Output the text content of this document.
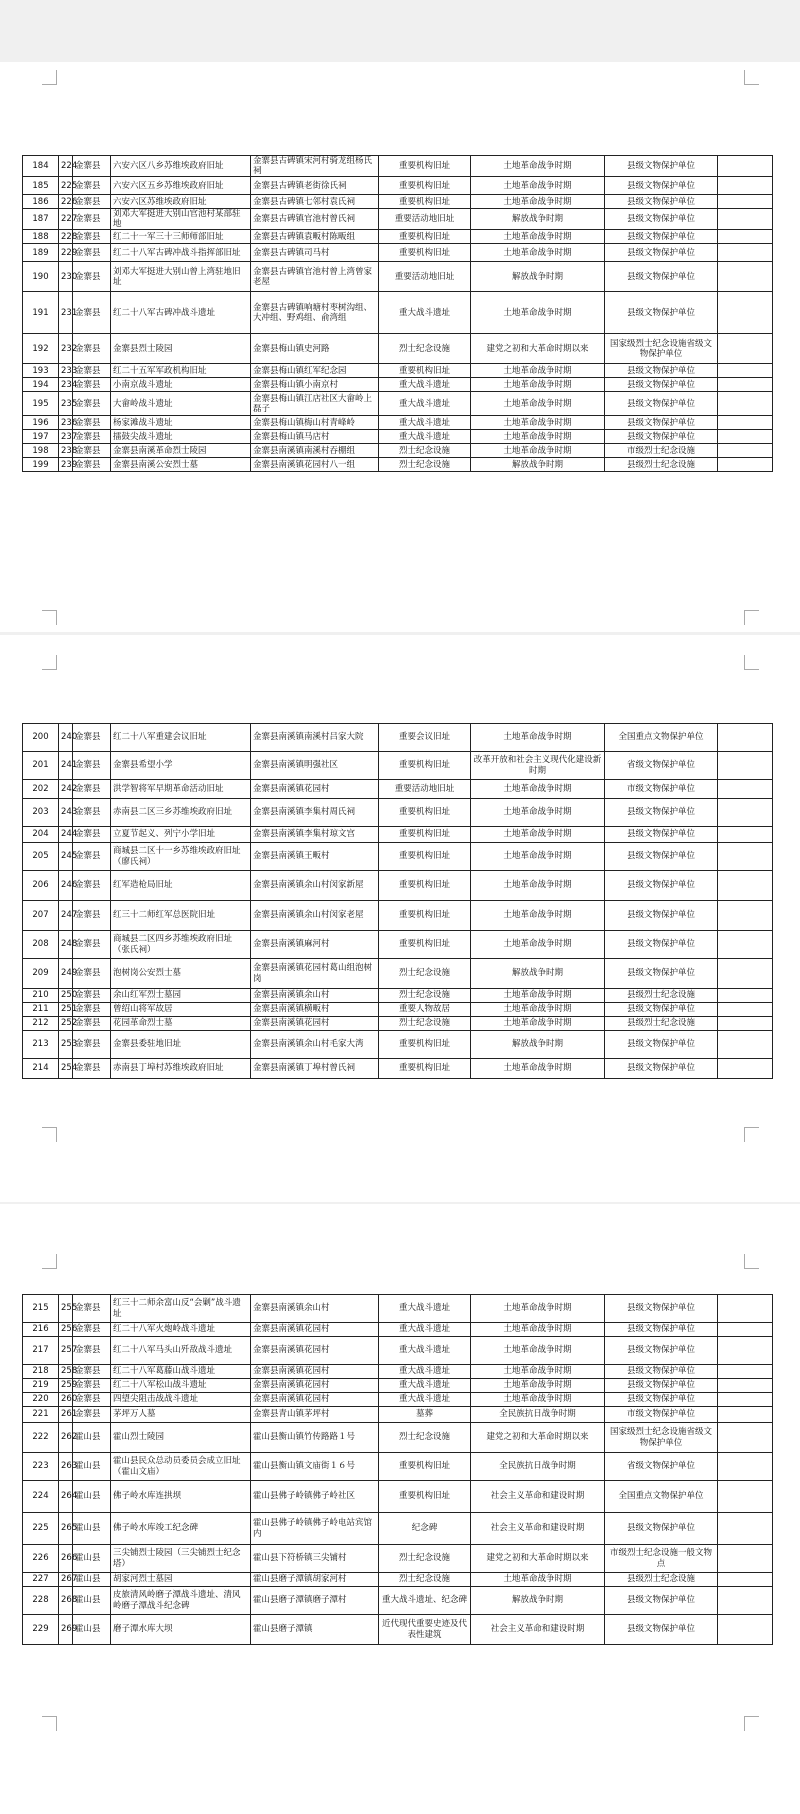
184	224	金寨县	六安六区八乡苏维埃政府旧址	金寨县古碑镇宋河村骑龙组杨氏祠	重要机构旧址	土地革命战争时期	县级文物保护单位	
185	225	金寨县	六安六区五乡苏维埃政府旧址	金寨县古碑镇老街徐氏祠	重要机构旧址	土地革命战争时期	县级文物保护单位	
186	226	金寨县	六安六区苏维埃政府旧址	金寨县古碑镇七邻村袁氏祠	重要机构旧址	土地革命战争时期	县级文物保护单位	
187	227	金寨县	刘邓大军挺进大别山官池村某部驻地	金寨县古碑镇官池村曾氏祠	重要活动地旧址	解放战争时期	县级文物保护单位	
188	228	金寨县	红二十一军三十三师师部旧址	金寨县古碑镇袁畈村陈畈组	重要机构旧址	土地革命战争时期	县级文物保护单位	
189	229	金寨县	红二十八军古碑冲战斗指挥部旧址	金寨县古碑镇司马村	重要机构旧址	土地革命战争时期	县级文物保护单位	
190	230	金寨县	刘邓大军挺进大别山曾上湾驻地旧址	金寨县古碑镇官池村曾上湾曾家老屋	重要活动地旧址	解放战争时期	县级文物保护单位	
191	231	金寨县	红二十八军古碑冲战斗遗址	金寨县古碑镇响塘村枣树沟组、大冲组、野鸡组、俞湾组	重大战斗遗址	土地革命战争时期	县级文物保护单位	
192	232	金寨县	金寨县烈士陵园	金寨县梅山镇史河路	烈士纪念设施	建党之初和大革命时期以来	国家级烈士纪念设施省级文物保护单位	
193	233	金寨县	红二十五军军政机构旧址	金寨县梅山镇红军纪念园	重要机构旧址	土地革命战争时期	县级文物保护单位	
194	234	金寨县	小南京战斗遗址	金寨县梅山镇小南京村	重大战斗遗址	土地革命战争时期	县级文物保护单位	
195	235	金寨县	大畲岭战斗遗址	金寨县梅山镇江店社区大畲岭上磊子	重大战斗遗址	土地革命战争时期	县级文物保护单位	
196	236	金寨县	杨家滩战斗遗址	金寨县梅山镇梅山村青峰岭	重大战斗遗址	土地革命战争时期	县级文物保护单位	
197	237	金寨县	擂鼓尖战斗遗址	金寨县梅山镇马店村	重大战斗遗址	土地革命战争时期	县级文物保护单位	
198	238	金寨县	金寨县南溪革命烈士陵园	金寨县南溪镇南溪村吞棚组	烈士纪念设施	土地革命战争时期	市级烈士纪念设施	
199	239	金寨县	金寨县南溪公安烈士墓	金寨县南溪镇花园村八一组	烈士纪念设施	解放战争时期	县级烈士纪念设施	
200	240	金寨县	红二十八军重建会议旧址	金寨县南溪镇南溪村吕家大院	重要会议旧址	土地革命战争时期	全国重点文物保护单位	
201	241	金寨县	金寨县希望小学	金寨县南溪镇明强社区	重要机构旧址	改革开放和社会主义现代化建设新时期	省级文物保护单位	
202	242	金寨县	洪学智将军早期革命活动旧址	金寨县南溪镇花园村	重要活动地旧址	土地革命战争时期	市级文物保护单位	
203	243	金寨县	赤南县二区三乡苏维埃政府旧址	金寨县南溪镇李集村周氏祠	重要机构旧址	土地革命战争时期	县级文物保护单位	
204	244	金寨县	立夏节起义、列宁小学旧址	金寨县南溪镇李集村琼文宫	重要机构旧址	土地革命战争时期	县级文物保护单位	
205	245	金寨县	商城县二区十一乡苏维埃政府旧址（廖氏祠）	金寨县南溪镇王畈村	重要机构旧址	土地革命战争时期	县级文物保护单位	
206	246	金寨县	红军造枪局旧址	金寨县南溪镇余山村闵家新屋	重要机构旧址	土地革命战争时期	县级文物保护单位	
207	247	金寨县	红三十二师红军总医院旧址	金寨县南溪镇余山村闵家老屋	重要机构旧址	土地革命战争时期	县级文物保护单位	
208	248	金寨县	商城县二区四乡苏维埃政府旧址（张氏祠）	金寨县南溪镇麻河村	重要机构旧址	土地革命战争时期	县级文物保护单位	
209	249	金寨县	泡树岗公安烈士墓	金寨县南溪镇花园村葛山组泡树岗	烈士纪念设施	解放战争时期	县级文物保护单位	
210	250	金寨县	余山红军烈士墓园	金寨县南溪镇余山村	烈士纪念设施	土地革命战争时期	县级烈士纪念设施	
211	251	金寨县	曾绍山将军故居	金寨县南溪镇横畈村	重要人物故居	土地革命战争时期	县级文物保护单位	
212	252	金寨县	花园革命烈士墓	金寨县南溪镇花园村	烈士纪念设施	土地革命战争时期	县级烈士纪念设施	
213	253	金寨县	金寨县委驻地旧址	金寨县南溪镇余山村毛家大湾	重要机构旧址	解放战争时期	县级文物保护单位	
214	254	金寨县	赤南县丁埠村苏维埃政府旧址	金寨县南溪镇丁埠村曾氏祠	重要机构旧址	土地革命战争时期	县级文物保护单位	
215	255	金寨县	红三十二师余富山反“会剿”战斗遗址	金寨县南溪镇余山村	重大战斗遗址	土地革命战争时期	县级文物保护单位	
216	256	金寨县	红二十八军火炮岭战斗遗址	金寨县南溪镇花园村	重大战斗遗址	土地革命战争时期	县级文物保护单位	
217	257	金寨县	红二十八军马头山歼敌战斗遗址	金寨县南溪镇花园村	重大战斗遗址	土地革命战争时期	县级文物保护单位	
218	258	金寨县	红二十八军葛藤山战斗遗址	金寨县南溪镇花园村	重大战斗遗址	土地革命战争时期	县级文物保护单位	
219	259	金寨县	红二十八军松山战斗遗址	金寨县南溪镇花园村	重大战斗遗址	土地革命战争时期	县级文物保护单位	
220	260	金寨县	四望尖阻击战战斗遗址	金寨县南溪镇花园村	重大战斗遗址	土地革命战争时期	县级文物保护单位	
221	261	金寨县	茅坪万人墓	金寨县青山镇茅坪村	墓葬	全民族抗日战争时期	市级文物保护单位	
222	262	霍山县	霍山烈士陵园	霍山县衡山镇竹传路路１号	烈士纪念设施	建党之初和大革命时期以来	国家级烈士纪念设施省级文物保护单位	
223	263	霍山县	霍山县民众总动员委员会成立旧址（霍山文庙）	霍山县衡山镇文庙街１６号	重要机构旧址	全民族抗日战争时期	省级文物保护单位	
224	264	霍山县	佛子岭水库连拱坝	霍山县佛子岭镇佛子岭社区	重要机构旧址	社会主义革命和建设时期	全国重点文物保护单位	
225	265	霍山县	佛子岭水库竣工纪念碑	霍山县佛子岭镇佛子岭电站宾馆内	纪念碑	社会主义革命和建设时期	县级文物保护单位	
226	266	霍山县	三尖铺烈士陵园（三尖铺烈士纪念塔）	霍山县下符桥镇三尖铺村	烈士纪念设施	建党之初和大革命时期以来	市级烈士纪念设施一般文物点	
227	267	霍山县	胡家河烈士墓园	霍山县磨子潭镇胡家河村	烈士纪念设施	土地革命战争时期	县级烈士纪念设施	
228	268	霍山县	皮旅清风岭磨子潭战斗遗址、清风岭磨子潭战斗纪念碑	霍山县磨子潭镇磨子潭村	重大战斗遗址、纪念碑	解放战争时期	县级文物保护单位	
229	269	霍山县	磨子潭水库大坝	霍山县磨子潭镇	近代现代重要史迹及代表性建筑	社会主义革命和建设时期	县级文物保护单位	
